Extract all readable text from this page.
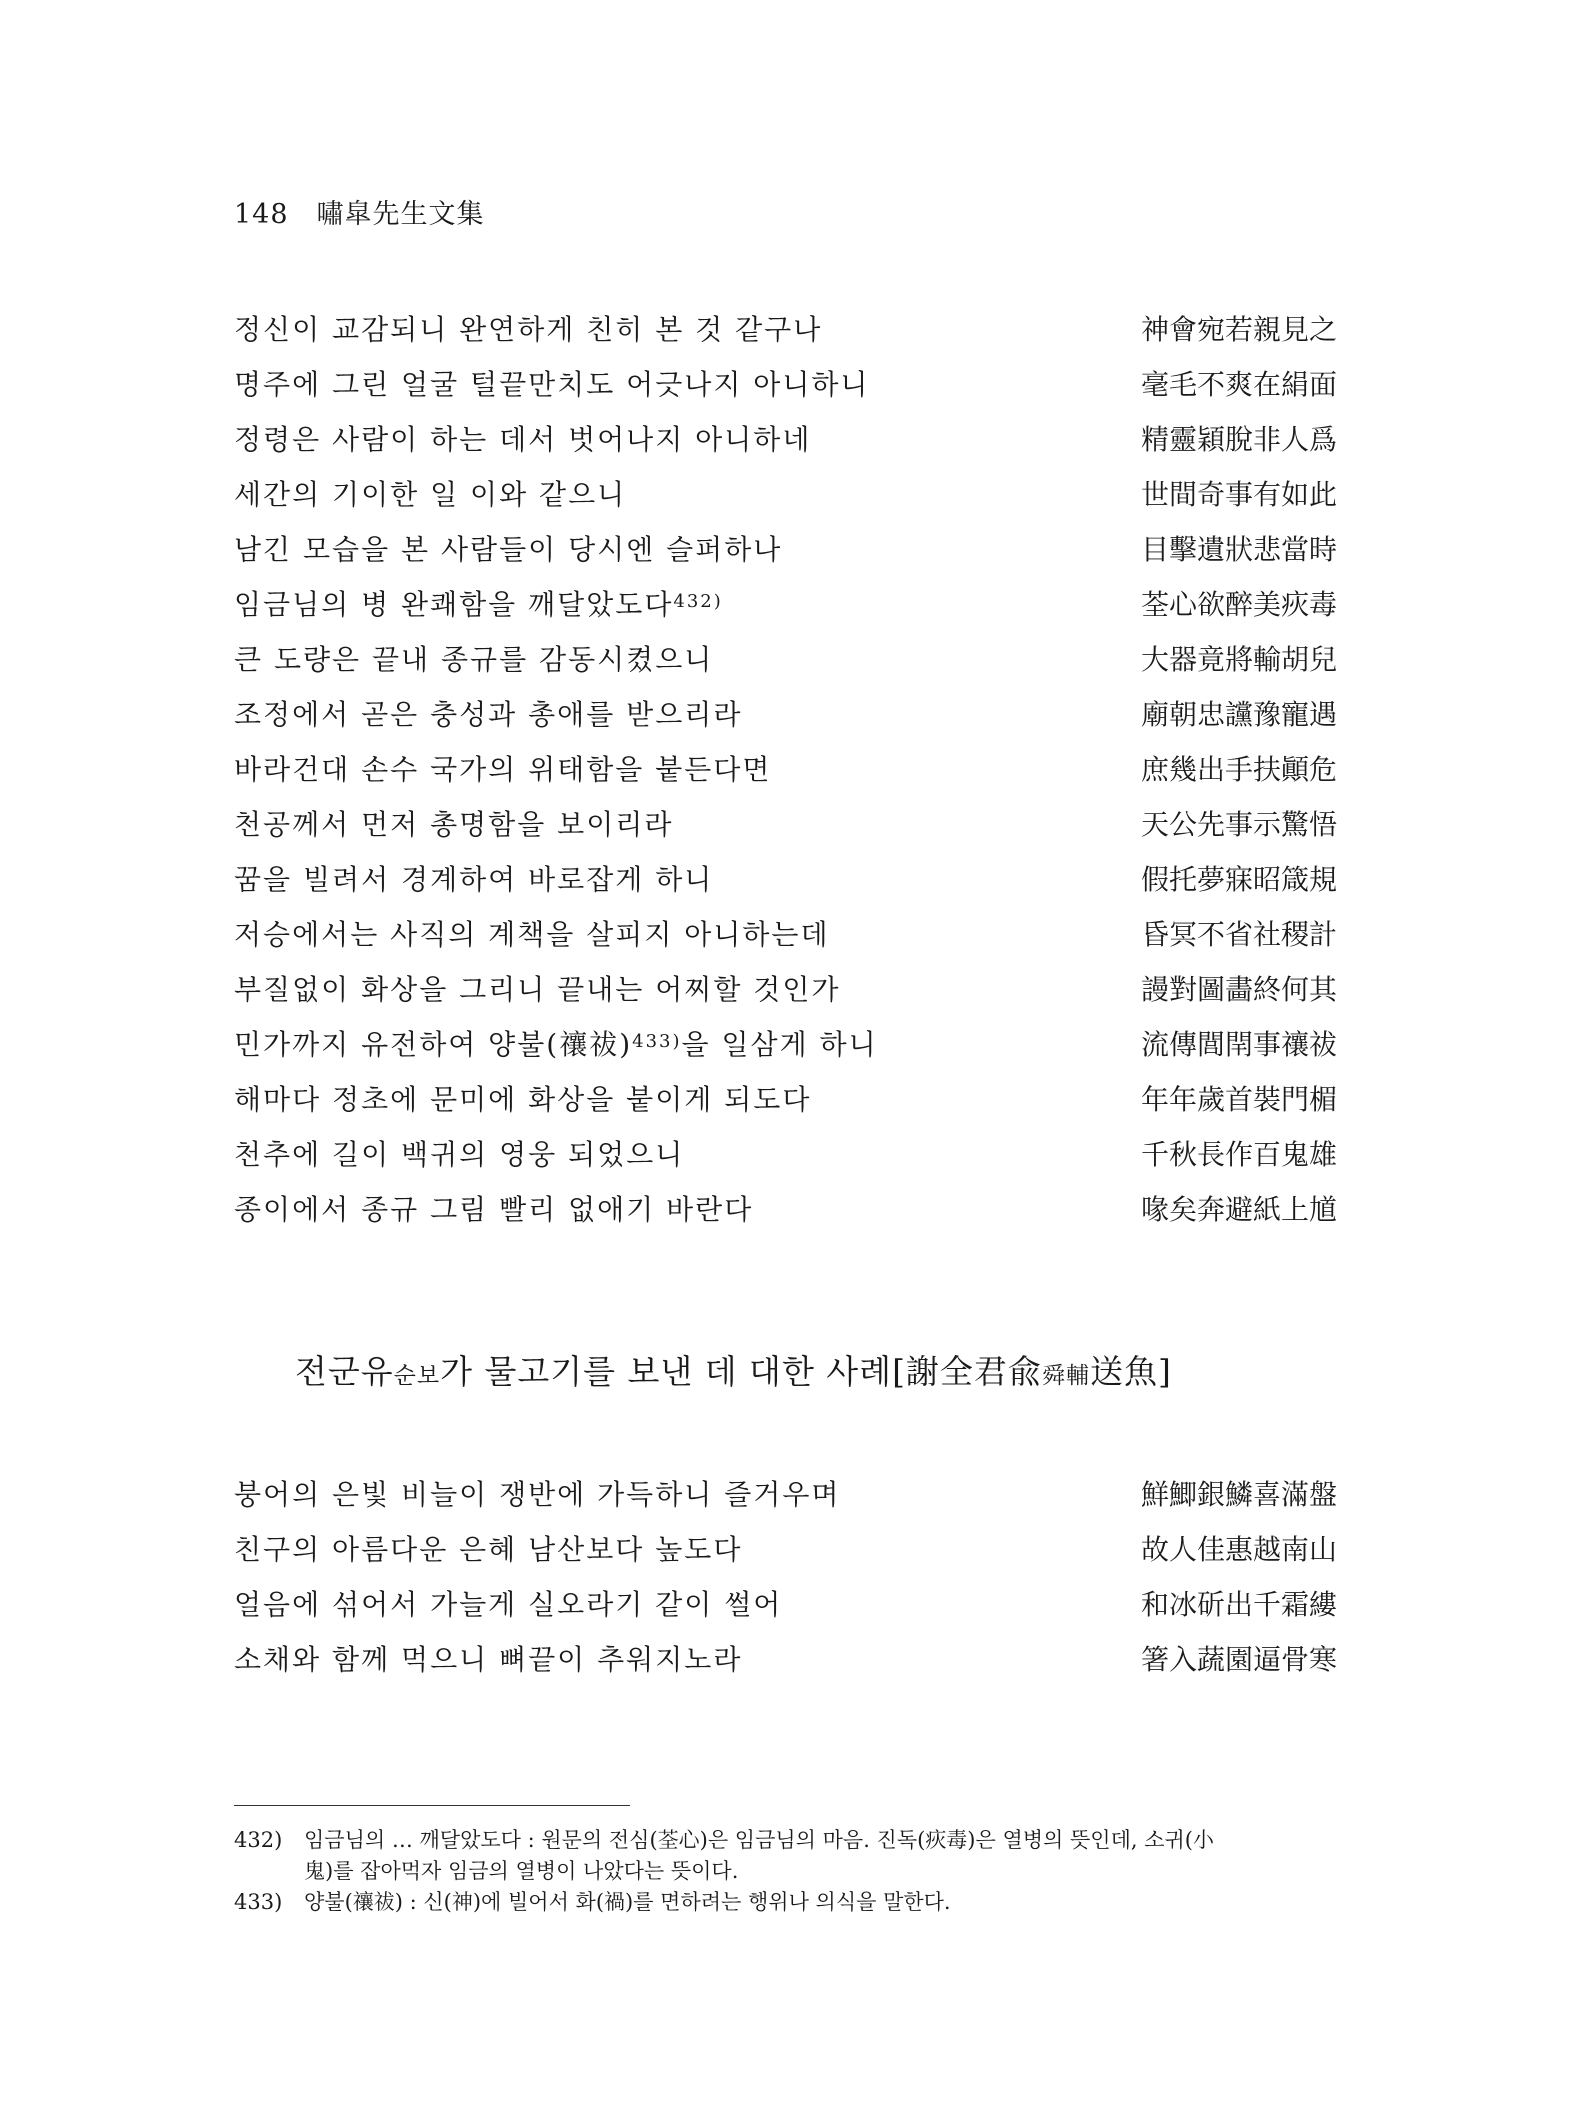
148 嘯皐先生文集
정신이 교감되니 완연하게 친히 본 것 같구나	神會宛若親見之
명주에 그린 얼굴 털끝만치도 어긋나지 아니하니	毫毛不爽在絹面
정령은 사람이 하는 데서 벗어나지 아니하네	精靈穎脫非人爲
세간의 기이한 일 이와 같으니	世間奇事有如此
남긴 모습을 본 사람들이 당시엔 슬퍼하나	目擊遺狀悲當時
임금님의 병 완쾌함을 깨달았도다$^{432)}$	荃心欲醉美疢毒
큰 도량은 끝내 종규를 감동시켰으니	大器竟將輸胡兒
조정에서 곧은 충성과 총애를 받으리라	廟朝忠讜豫寵遇
바라건대 손수 국가의 위태함을 붙든다면	庶幾出手扶顚危
천공께서 먼저 총명함을 보이리라	天公先事示驚悟
꿈을 빌려서 경계하여 바로잡게 하니	假托夢寐昭箴規
저승에서는 사직의 계책을 살피지 아니하는데	昏冥不省社稷計
부질없이 화상을 그리니 끝내는 어찌할 것인가	謾對圖畵終何其
민가까지 유전하여 양불(禳祓)$^{433)}$을 일삼게 하니	流傳閭閈事禳祓
해마다 정초에 문미에 화상을 붙이게 되도다	年年歲首裝門楣
천추에 길이 백귀의 영웅 되었으니	千秋長作百鬼雄
종이에서 종규 그림 빨리 없애기 바란다	喙矣奔避紙上馗
전군유순보가 물고기를 보낸 데 대한 사례[謝全君兪舜輔送魚]
붕어의 은빛 비늘이 쟁반에 가득하니 즐거우며	鮮鯽銀鱗喜滿盤
친구의 아름다운 은혜 남산보다 높도다	故人佳惠越南山
얼음에 섞어서 가늘게 실오라기 같이 썰어	和冰斫出千霜縷
소채와 함께 먹으니 뼈끝이 추워지노라	箸入蔬園逼骨寒
432) 임금님의 … 깨달았도다 : 원문의 전심(荃心)은 임금님의 마음. 진독(疢毒)은 열병의 뜻인데, 소귀(小
鬼)를 잡아먹자 임금의 열병이 나았다는 뜻이다.
433) 양불(禳祓) : 신(神)에 빌어서 화(禍)를 면하려는 행위나 의식을 말한다.
